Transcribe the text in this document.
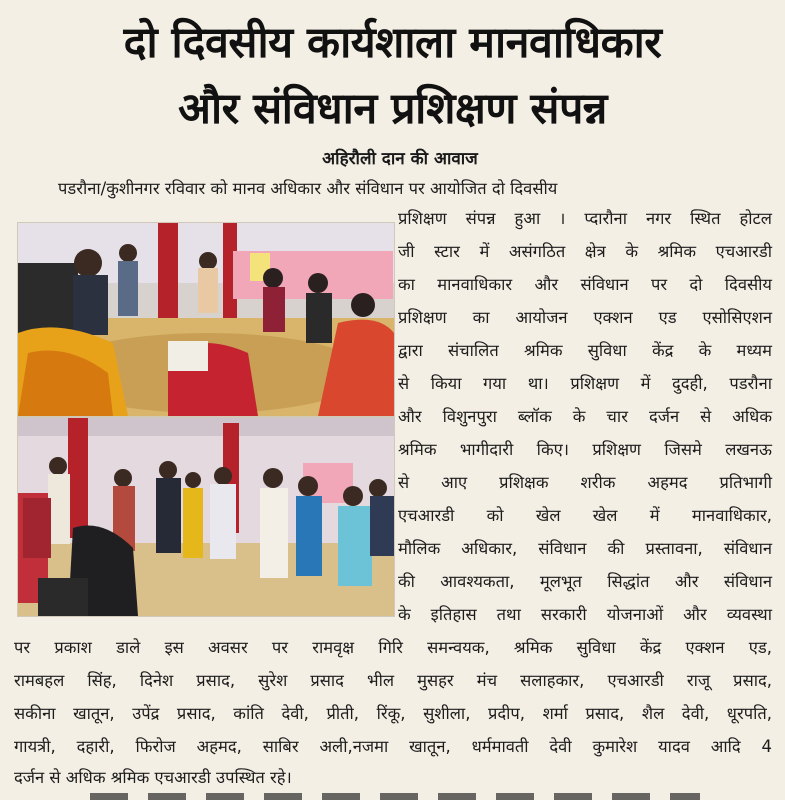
दो दिवसीय कार्यशाला मानवाधिकार
और संविधान प्रशिक्षण संपन्न
अहिरौली दान की आवाज
पडरौना/कुशीनगर रविवार को मानव अधिकार और संविधान पर आयोजित दो दिवसीय
प्रशिक्षण संपन्न हुआ । प्दारौना नगर स्थित होटल
जी स्टार में असंगठित क्षेत्र के श्रमिक एचआरडी
का मानवाधिकार और संविधान पर दो दिवसीय
प्रशिक्षण का आयोजन एक्शन एड एसोसिएशन
द्वारा संचालित श्रमिक सुविधा केंद्र के मध्यम
से किया गया था। प्रशिक्षण में दुदही, पडरौना
और विशुनपुरा ब्लॉक के चार दर्जन से अधिक
श्रमिक भागीदारी किए। प्रशिक्षण जिसमे लखनऊ
से आए प्रशिक्षक शरीक अहमद प्रतिभागी
एचआरडी को खेल खेल में मानवाधिकार,
मौलिक अधिकार, संविधान की प्रस्तावना, संविधान
की आवश्यकता, मूलभूत सिद्धांत और संविधान
के इतिहास तथा सरकारी योजनाओं और व्यवस्था
पर प्रकाश डाले इस अवसर पर रामवृक्ष गिरि समन्वयक, श्रमिक सुविधा केंद्र एक्शन एड,
रामबहल सिंह, दिनेश प्रसाद, सुरेश प्रसाद भील मुसहर मंच सलाहकार, एचआरडी राजू प्रसाद,
सकीना खातून, उपेंद्र प्रसाद, कांति देवी, प्रीती, रिंकू, सुशीला, प्रदीप, शर्मा प्रसाद, शैल देवी, धूरपति,
गायत्री, दहारी, फिरोज अहमद, साबिर अली,नजमा खातून, धर्ममावती देवी कुमारेश यादव आदि 4
दर्जन से अधिक श्रमिक एचआरडी उपस्थित रहे।
